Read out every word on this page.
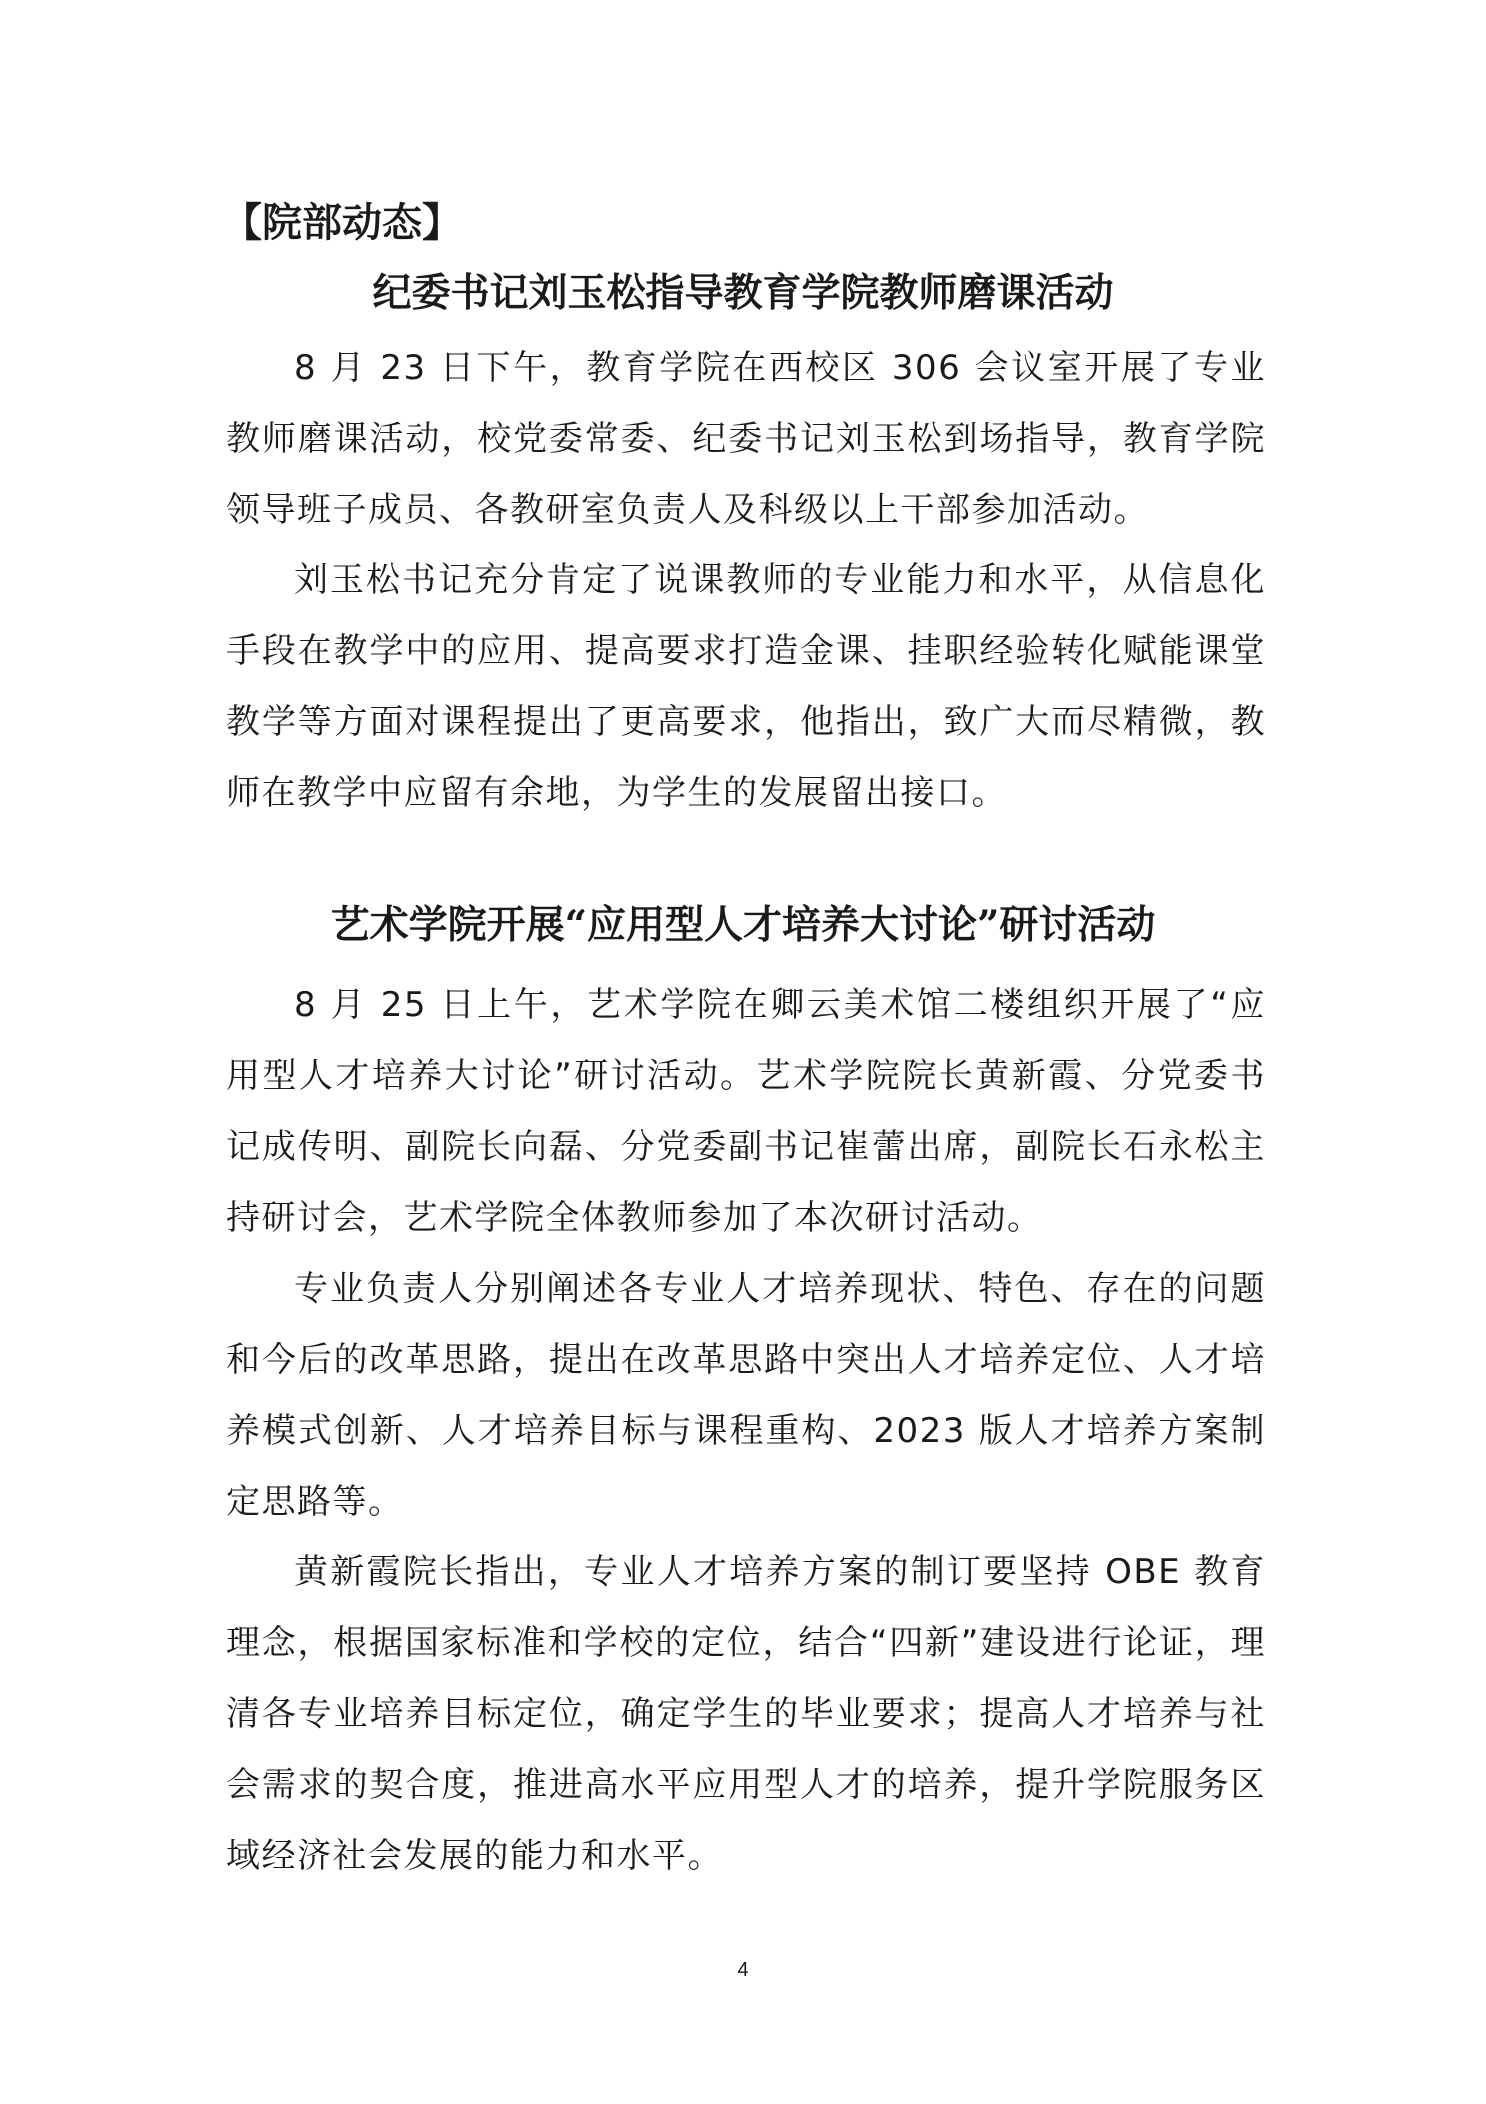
【院部动态】
纪委书记刘玉松指导教育学院教师磨课活动

8 月 23 日下午，教育学院在西校区 306 会议室开展了专业教师磨课活动，校党委常委、纪委书记刘玉松到场指导，教育学院领导班子成员、各教研室负责人及科级以上干部参加活动。

刘玉松书记充分肯定了说课教师的专业能力和水平，从信息化手段在教学中的应用、提高要求打造金课、挂职经验转化赋能课堂教学等方面对课程提出了更高要求，他指出，致广大而尽精微，教师在教学中应留有余地，为学生的发展留出接口。

艺术学院开展“应用型人才培养大讨论”研讨活动

8 月 25 日上午，艺术学院在卿云美术馆二楼组织开展了“应用型人才培养大讨论”研讨活动。艺术学院院长黄新霞、分党委书记成传明、副院长向磊、分党委副书记崔蕾出席，副院长石永松主持研讨会，艺术学院全体教师参加了本次研讨活动。

专业负责人分别阐述各专业人才培养现状、特色、存在的问题和今后的改革思路，提出在改革思路中突出人才培养定位、人才培养模式创新、人才培养目标与课程重构、2023 版人才培养方案制定思路等。

黄新霞院长指出，专业人才培养方案的制订要坚持 OBE 教育理念，根据国家标准和学校的定位，结合“四新”建设进行论证，理清各专业培养目标定位，确定学生的毕业要求；提高人才培养与社会需求的契合度，推进高水平应用型人才的培养，提升学院服务区域经济社会发展的能力和水平。

4
